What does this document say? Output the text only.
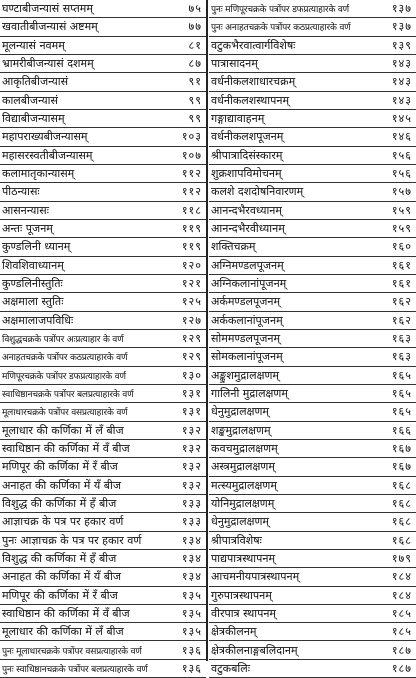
घण्टाबीजन्यासं सप्तमम्	७५
खवातीबीजन्यासं अष्टमम्	७७
मूलन्यासं नवमम्	८१
भ्रामरीबीजन्यासं दशमम्	८७
आकृतिबीजन्यासं	९१
कालबीजन्यासं	९९
विद्याबीजन्यासम्	९९
महापराख्यबीजन्यासम्	१०३
महासरस्वतीबीजन्यासम्	१०७
कलामातृकान्यासम्	११२
पीठन्यासः	११२
आसनन्यासः	११८
अन्तः पूजनम्	११९
कुण्डलिनी ध्यानम्	११९
शिवशिवाध्यानम्	१२०
कुण्डलिनीस्तुतिः	१२१
अक्षमाला स्तुतिः	१२५
अक्षमालाजपविधिः	१२७
विशुद्धचक्रके पत्रोंपर अःप्रत्याहार के वर्ण	१२९
अनाहतचक्रके पत्रोंपर कठप्रत्याहारके वर्ण	१२९
मणिपूरचक्रके पत्रोंपर डफप्रत्याहारके वर्ण	१३०
स्वाधिष्ठानचक्रके पत्रोंपर बलप्रत्याहारके वर्ण	१३१
मूलाधारचक्रके पत्रोंपर वसप्रत्याहारके वर्ण	१३१
मूलाधार की कर्णिका में लँ बीज	१३२
स्वाधिष्ठान की कर्णिका में वँ बीज	१३२
मणिपूर की कर्णिका में रँ बीज	१३२
अनाहत की कर्णिका में यँ बीज	१३२
विशुद्ध की कर्णिका में हँ बीज	१३३
आज्ञाचक्र के पत्र पर हकार वर्ण	१३३
पुनः आज्ञाचक्र के पत्र पर हकार वर्ण	१३४
विशुद्ध की कर्णिका में हँ बीज	१३४
अनाहत की कर्णिका में यँ बीज	१३४
मणिपूर की कर्णिका में रँ बीज	१३५
स्वाधिष्ठान की कर्णिका में वँ बीज	१३५
मूलाधार की कर्णिका में लँ बीज	१३५
पुनः मूलाधारचक्रके पत्रोंपर वसप्रत्याहारके वर्ण	१३६
पुनः स्वाधिष्ठानचक्रके पत्रोंपर बलप्रत्याहारके वर्ण	१३६
पुनः मणिपूरचक्रके पत्रोंपर डफप्रत्याहारके वर्ण	१३७
पुनः अनाहतचक्रके पत्रोंपर कठप्रत्याहारके वर्ण	१३७
वटुकभैरवात्वार्गविशेषः	१३९
पात्रासादनम्	१४३
वर्धनीकलशाधारचक्रम्	१४३
वर्धनीकलशस्थापनम्	१४३
गङ्गाद्यावाहनम्	१४५
वर्धनीकलशपूजनम्	१४६
श्रीपात्रादिसंस्कारम्	१५६
शुक्रशापविमोचनम्	१५६
कलशे दशदोषनिवारणम्	१५७
आनन्दभैरवध्यानम्	१५९
आनन्दभैरवीध्यानम्	१५९
शक्तिचक्रम्	१६०
अग्निमण्डलपूजनम्	१६१
अग्निकलानांपूजनम्	१६१
अर्कमण्डलपूजनम्	१६२
अर्ककलानांपूजनम्	१६२
सोममण्डलपूजनम्	१६३
सोमकलानांपूजनम्	१६३
अङ्कुशमुद्रालक्षणम्	१६५
गालिनी मुद्रालक्षणम्	१६५
धेनुमुद्रालक्षणम्	१६५
शङ्खमुद्रालक्षणम्	१६६
कवचमुद्रालक्षणम्	१६७
अस्त्रमुद्रालक्षणम्	१६७
मत्स्यमुद्रालक्षणम्	१६८
योनिमुद्रालक्षणम्	१६८
धेनुमुद्रालक्षणम्	१६८
श्रीपात्रविशेषः	१६८
पाद्यपात्रस्थापनम्	१७९
आचमनीयपात्रस्थापनम्	१८४
गुरुपात्रस्थापनम्	१८४
वीरपात्र स्थापनम्	१८५
क्षेत्रकीलनम्	१८५
क्षेत्रकीलनाङ्गबलिदानम्	१८७
वटुकबलिः	१८७
